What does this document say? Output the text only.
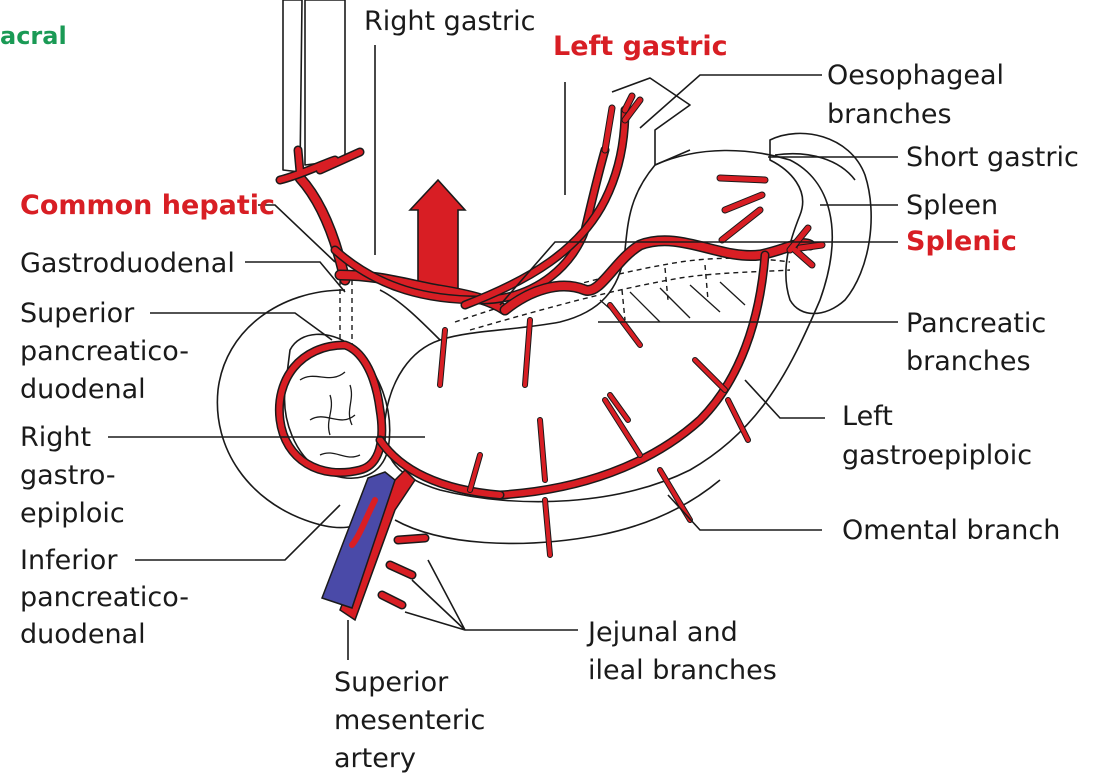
acral	Right gastric
Left gastric
Oesophageal
branches
Short gastric
Spleen
Splenic
Common hepatic
Gastroduodenal
Superior
pancreatico-
duodenal
Pancreatic
branches
Right
gastro-
epiploic
Left
gastroepiploic
Inferior
pancreatico-
duodenal
Omental branch
Jejunal and
ileal branches
Superior
mesenteric
artery
